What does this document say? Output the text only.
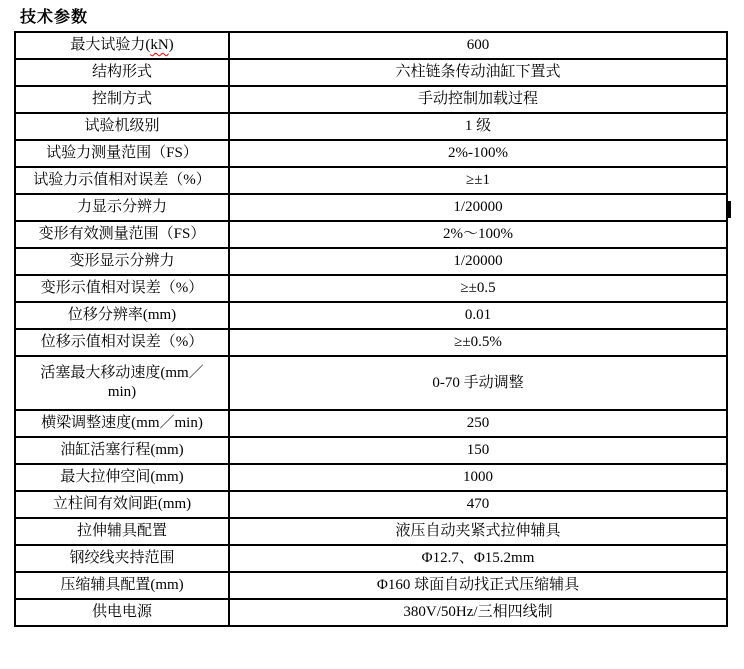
技术参数
最大试验力(kN)	600
结构形式	六柱链条传动油缸下置式
控制方式	手动控制加载过程
试验机级别	1 级
试验力测量范围（FS）	2%-100%
试验力示值相对误差（%）	≥±1
力显示分辨力	1/20000
变形有效测量范围（FS）	2%～100%
变形显示分辨力	1/20000
变形示值相对误差（%）	≥±0.5
位移分辨率(mm)	0.01
位移示值相对误差（%）	≥±0.5%

活塞最大移动速度(mm／
min)	0-70 手动调整
横梁调整速度(mm／min)	250
油缸活塞行程(mm)	150
最大拉伸空间(mm)	1000
立柱间有效间距(mm)	470
拉伸辅具配置	液压自动夹紧式拉伸辅具
钢绞线夹持范围	Φ12.7、Φ15.2mm
压缩辅具配置(mm)	Φ160 球面自动找正式压缩辅具
供电电源	380V/50Hz/三相四线制
